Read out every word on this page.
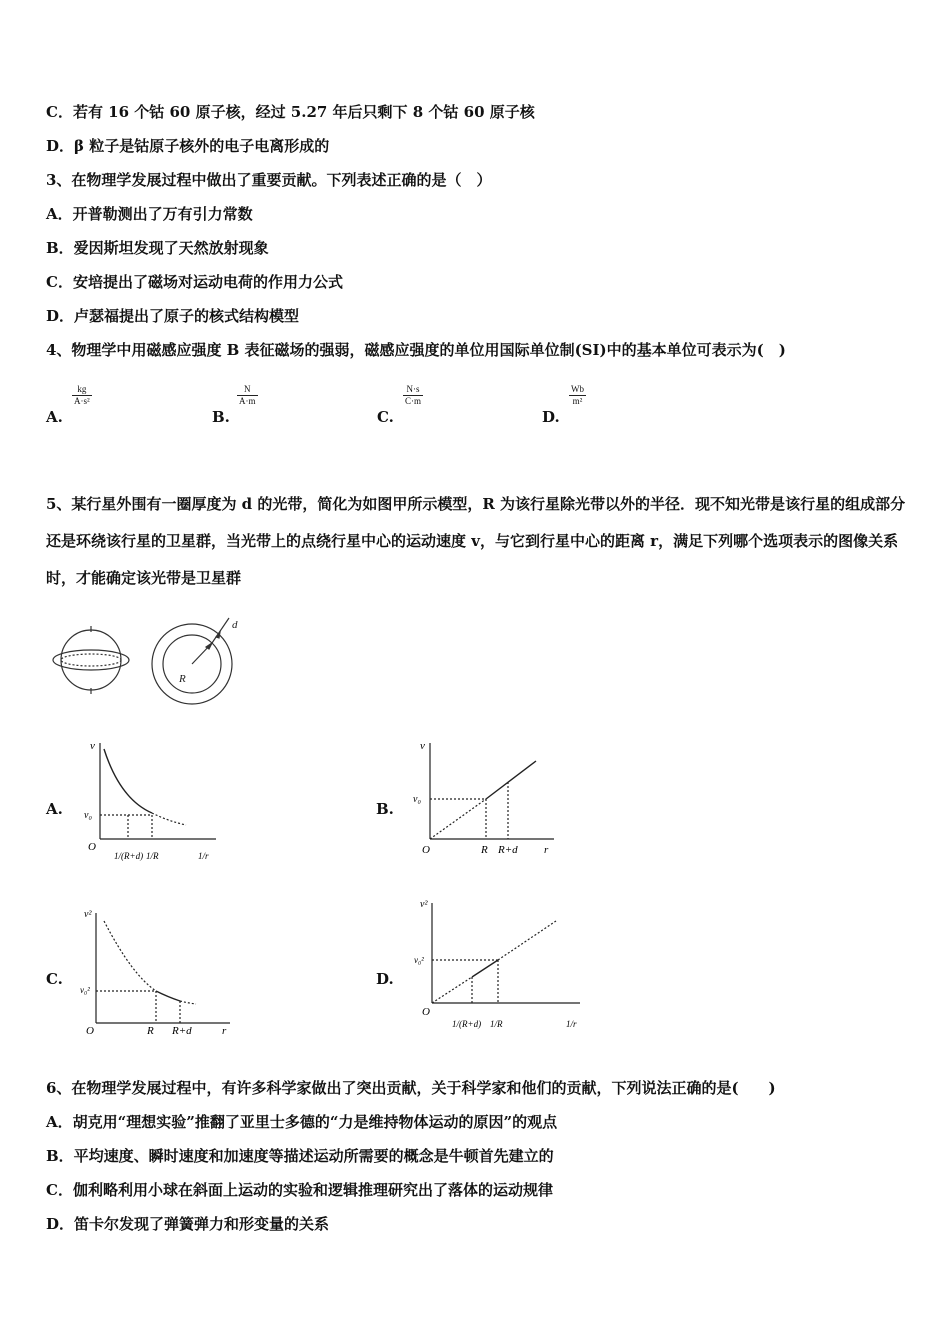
C．若有 16 个钴 60 原子核，经过 5.27 年后只剩下 8 个钴 60 原子核
D．β 粒子是钴原子核外的电子电离形成的
3、在物理学发展过程中做出了重要贡献。下列表述正确的是（　）
A．开普勒测出了万有引力常数
B．爱因斯坦发现了天然放射现象
C．安培提出了磁场对运动电荷的作用力公式
D．卢瑟福提出了原子的核式结构模型
4、物理学中用磁感应强度 B 表征磁场的强弱，磁感应强度的单位用国际单位制(SI)中的基本单位可表示为(　)
A.
$\frac{kg}{\text{A·s²}}$
B.
$\frac{N}{A\cdot m}$
C.
$\frac{N\cdot s}{C\cdot m}$
D.
$\frac{Wb}{\text{m²}}$
5、某行星外围有一圈厚度为 d 的光带，简化为如图甲所示模型，R 为该行星除光带以外的半径．现不知光带是该行星的组成部分还是环绕该行星的卫星群，当光带上的点绕行星中心的运动速度 v，与它到行星中心的距离 r，满足下列哪个选项表示的图像关系时，才能确定该光带是卫星群
R
d
A.
v
v₀
O
1/(R+d) 1/R	1/r
B.
v
v₀
O	R R+d r
C.
v²
v₀²
O	R R+d	r
D.
v²
v₀²
O
1/(R+d) 1/R	1/r
6、在物理学发展过程中，有许多科学家做出了突出贡献，关于科学家和他们的贡献，下列说法正确的是(　　)
A．胡克用“理想实验”推翻了亚里士多德的“力是维持物体运动的原因”的观点
B．平均速度、瞬时速度和加速度等描述运动所需要的概念是牛顿首先建立的
C．伽利略利用小球在斜面上运动的实验和逻辑推理研究出了落体的运动规律
D．笛卡尔发现了弹簧弹力和形变量的关系
